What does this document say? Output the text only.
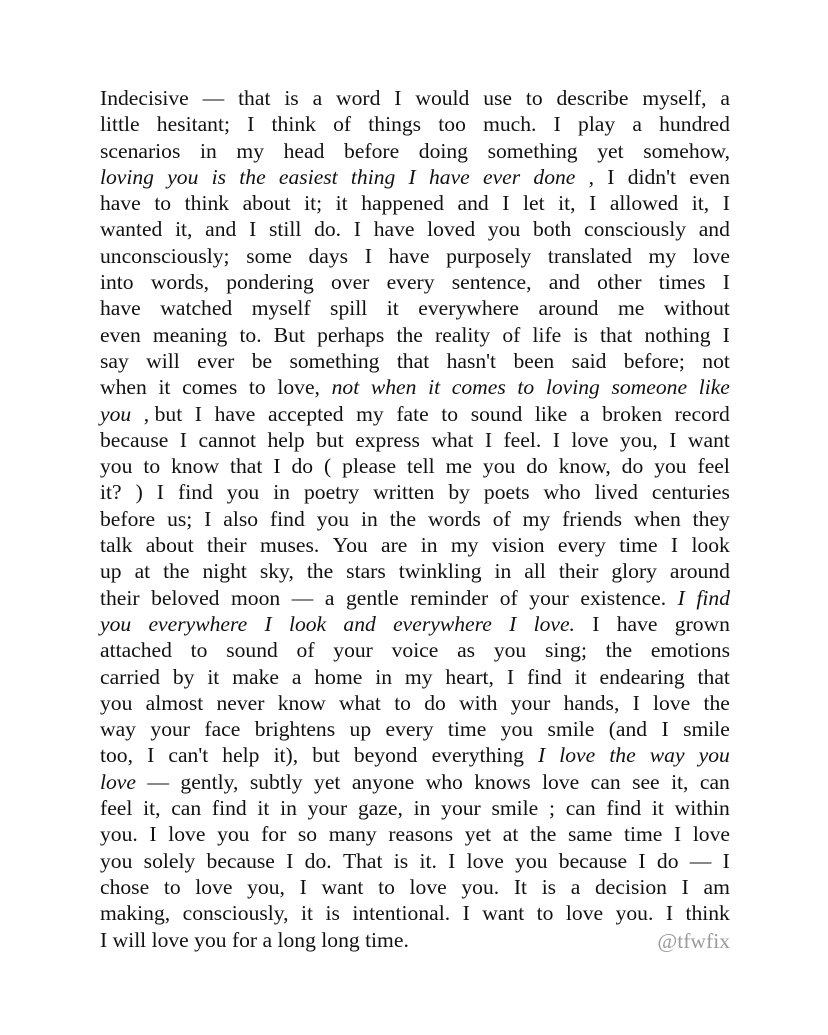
Indecisive — that is a word I would use to describe myself, a
little hesitant; I think of things too much. I play a hundred
scenarios in my head before doing something yet somehow,
loving you is the easiest thing I have ever done , I didn't even
have to think about it; it happened and I let it, I allowed it, I
wanted it, and I still do. I have loved you both consciously and
unconsciously; some days I have purposely translated my love
into words, pondering over every sentence, and other times I
have watched myself spill it everywhere around me without
even meaning to. But perhaps the reality of life is that nothing I
say will ever be something that hasn't been said before; not
when it comes to love, not when it comes to loving someone like
you , but I have accepted my fate to sound like a broken record
because I cannot help but express what I feel. I love you, I want
you to know that I do ( please tell me you do know, do you feel
it? ) I find you in poetry written by poets who lived centuries
before us; I also find you in the words of my friends when they
talk about their muses. You are in my vision every time I look
up at the night sky, the stars twinkling in all their glory around
their beloved moon — a gentle reminder of your existence. I find
you everywhere I look and everywhere I love. I have grown
attached to sound of your voice as you sing; the emotions
carried by it make a home in my heart, I find it endearing that
you almost never know what to do with your hands, I love the
way your face brightens up every time you smile (and I smile
too, I can't help it), but beyond everything I love the way you
love — gently, subtly yet anyone who knows love can see it, can
feel it, can find it in your gaze, in your smile ; can find it within
you. I love you for so many reasons yet at the same time I love
you solely because I do. That is it. I love you because I do — I
chose to love you, I want to love you. It is a decision I am
making, consciously, it is intentional. I want to love you. I think
I will love you for a long long time.	@tfwfix
